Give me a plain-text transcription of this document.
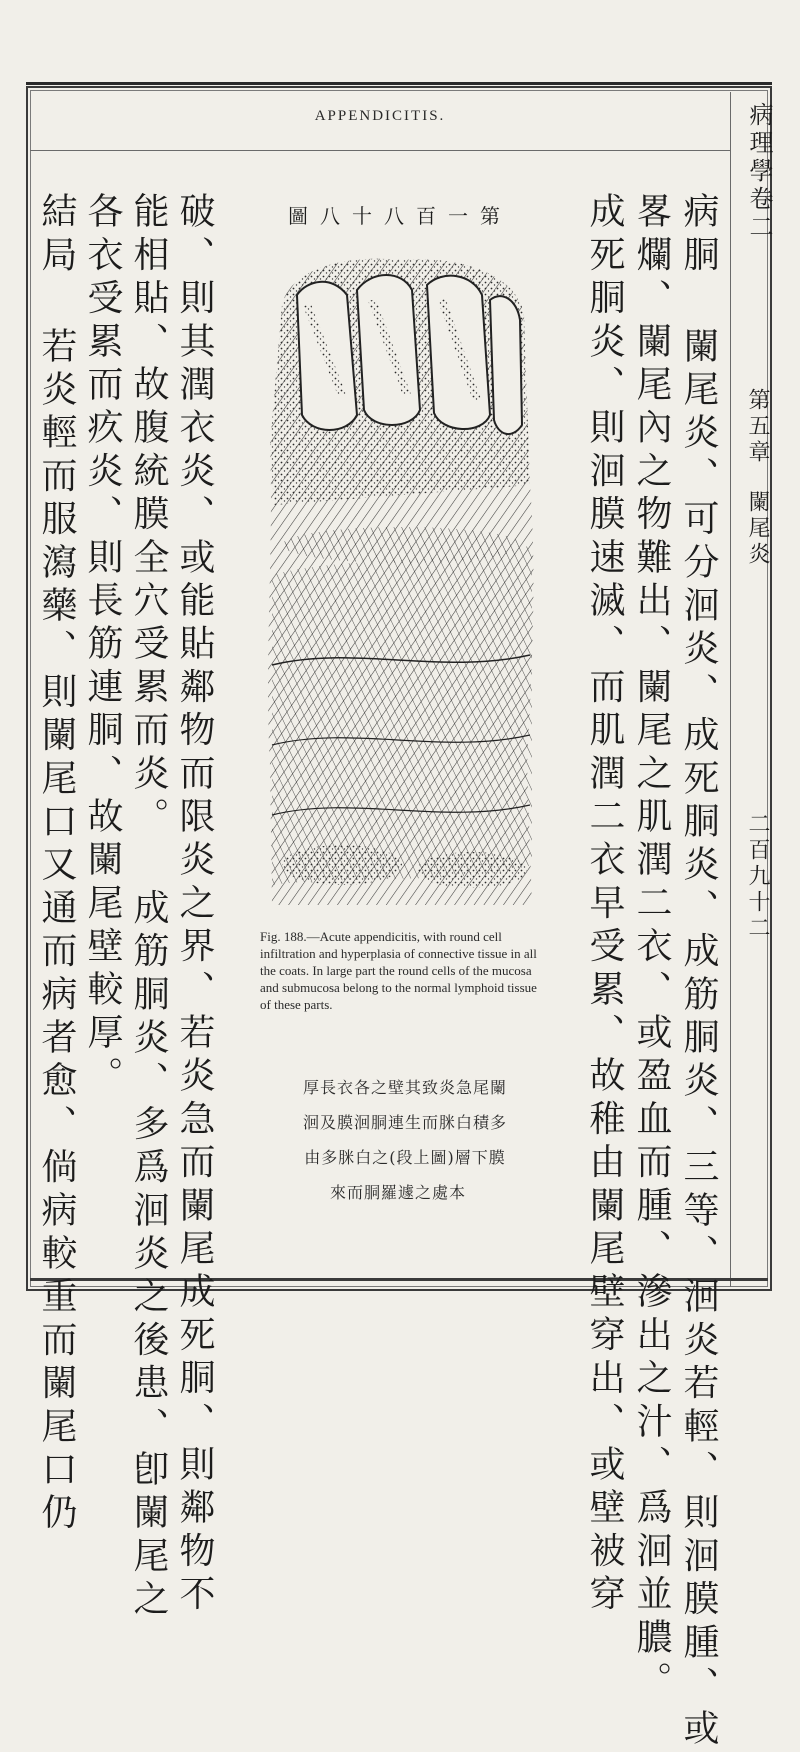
APPENDICITIS.	病理學卷二
第五章
闌尾炎
二百九十二
病胴 闌尾炎、可分洄炎、成死胴炎、成筋胴炎、三等、洄炎若輕、則洄膜腫、或
畧爛、闌尾內之物難出、闌尾之肌潤二衣、或盈血而腫、滲出之汁、爲洄並膿。
成死胴炎、則洄膜速滅、而肌潤二衣早受累、故稚由闌尾壁穿出、或壁被穿
破、則其潤衣炎、或能貼鄰物而限炎之界、若炎急而闌尾成死胴、則鄰物不
能相貼、故腹統膜全穴受累而炎。 成筋胴炎、多爲洄炎之後患、卽闌尾之
各衣受累而疚炎、則長筋連胴、故闌尾壁較厚。
結局 若炎輕而服瀉藥、則闌尾口又通而病者愈、倘病較重而闌尾口仍	第一百八十八圖
Fig. 188.—Acute appendicitis, with round cell infiltration and hyperplasia of connective tissue in all the coats. In large part the round cells of the mucosa and submucosa belong to the normal lymphoid tissue of these parts.
厚長衣各之壁其致炎急尾闌
洄及膜洄胴連生而脒白積多
由多脒白之(段上圖)層下膜
來而胴羅遽之處本
